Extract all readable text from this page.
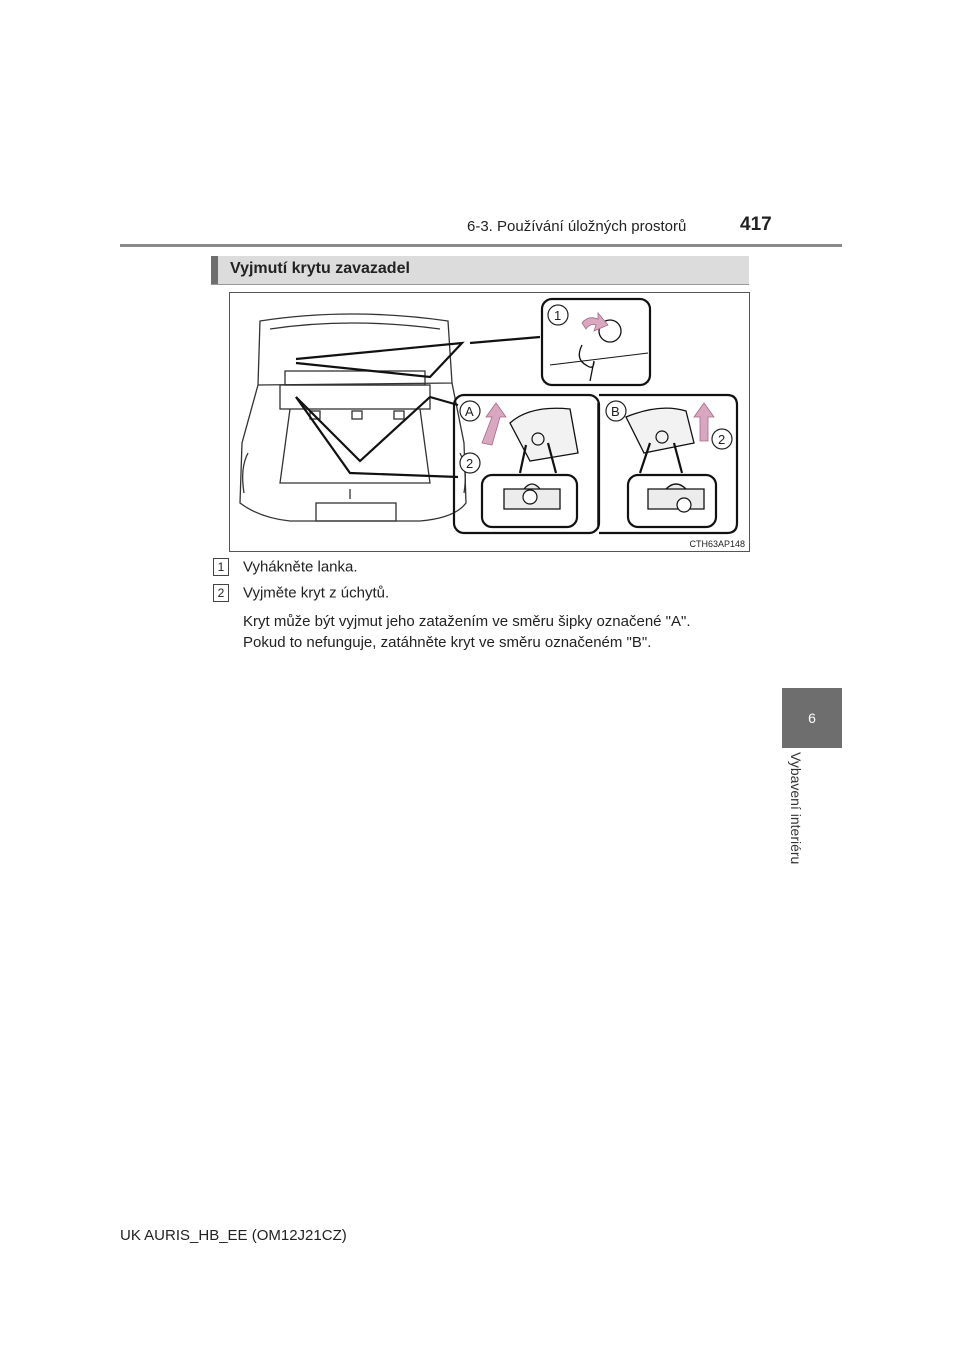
6-3. Používání úložných prostorů	417
6
Vybavení interiéru
Vyjmutí krytu zavazadel
1
A
2
B
2
CTH63AP148
1 Vyhákněte lanka.
2 Vyjměte kryt z úchytů.
Kryt může být vyjmut jeho zatažením ve směru šipky označené "A".
Pokud to nefunguje, zatáhněte kryt ve směru označeném "B".
UK AURIS_HB_EE (OM12J21CZ)
